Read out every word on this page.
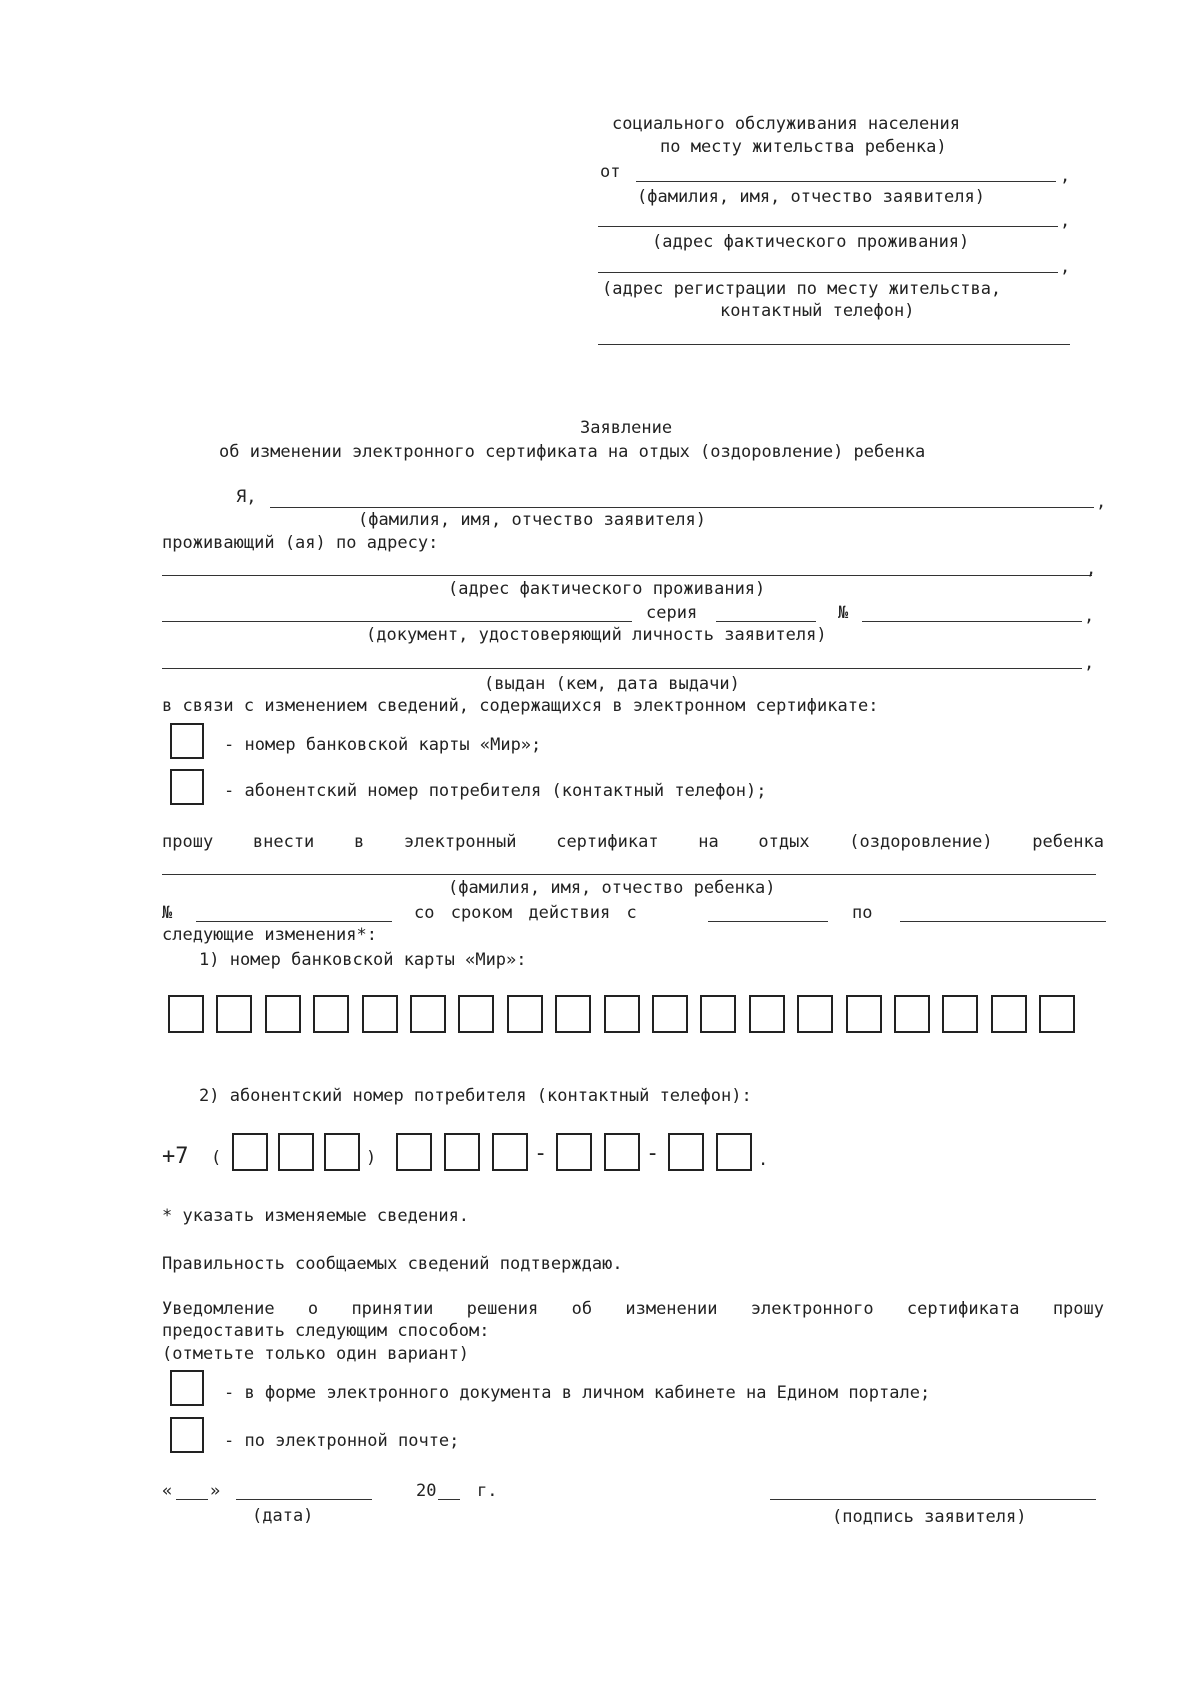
социального обслуживания населения
по месту жительства ребенка)
от	,
(фамилия, имя, отчество заявителя)
,
(адрес фактического проживания)
,
(адрес регистрации по месту жительства,
контактный телефон)
Заявление
об изменении электронного сертификата на отдых (оздоровление) ребенка
Я,	,
(фамилия, имя, отчество заявителя)
проживающий (ая) по адресу:
,
(адрес фактического проживания)
серия	№	,
(документ, удостоверяющий личность заявителя)
,
(выдан (кем, дата выдачи)
в связи с изменением сведений, содержащихся в электронном сертификате:
- номер банковской карты «Мир»;
- абонентский номер потребителя (контактный телефон);
прошу внести в электронный сертификат на отдых (оздоровление) ребенка
(фамилия, имя, отчество ребенка)
№	со сроком действия с	по
следующие изменения*:
1) номер банковской карты «Мир»:
2) абонентский номер потребителя (контактный телефон):
+7 (	)	-	-	.
* указать изменяемые сведения.
Правильность сообщаемых сведений подтверждаю.
Уведомление о принятии решения об изменении электронного сертификата прошу
предоставить следующим способом:
(отметьте только один вариант)
- в форме электронного документа в личном кабинете на Едином портале;
- по электронной почте;
« »	20 г.
(дата)	(подпись заявителя)
